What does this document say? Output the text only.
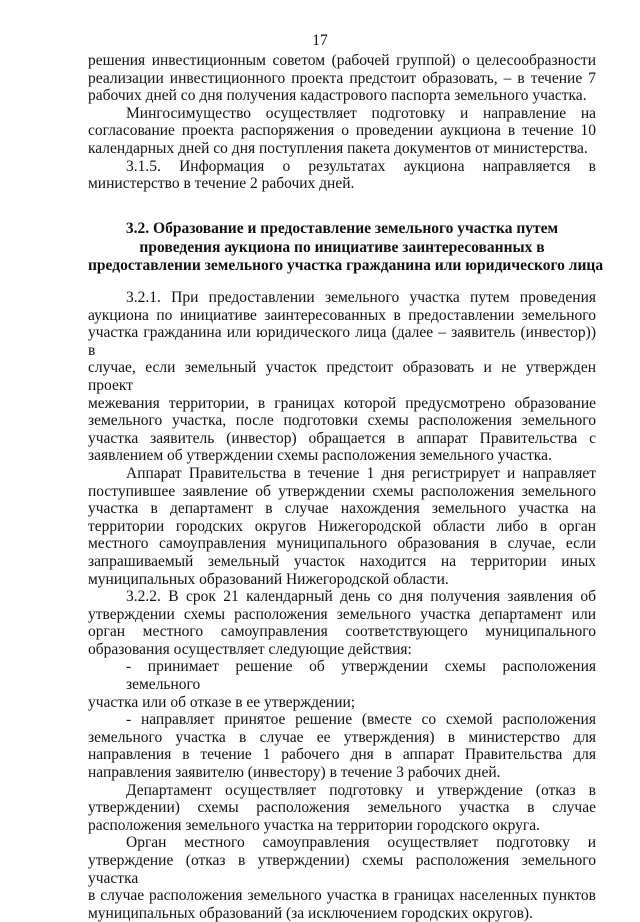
17
решения инвестиционным советом (рабочей группой) о целесообразности
реализации инвестиционного проекта предстоит образовать, – в течение 7
рабочих дней со дня получения кадастрового паспорта земельного участка.
Мингосимущество осуществляет подготовку и направление на
согласование проекта распоряжения о проведении аукциона в течение 10
календарных дней со дня поступления пакета документов от министерства.
3.1.5. Информация о результатах аукциона направляется в
министерство в течение 2 рабочих дней.
3.2. Образование и предоставление земельного участка путем
проведения аукциона по инициативе заинтересованных в
предоставлении земельного участка гражданина или юридического лица
3.2.1. При предоставлении земельного участка путем проведения
аукциона по инициативе заинтересованных в предоставлении земельного
участка гражданина или юридического лица (далее – заявитель (инвестор)) в
случае, если земельный участок предстоит образовать и не утвержден проект
межевания территории, в границах которой предусмотрено образование
земельного участка, после подготовки схемы расположения земельного
участка заявитель (инвестор) обращается в аппарат Правительства с
заявлением об утверждении схемы расположения земельного участка.
Аппарат Правительства в течение 1 дня регистрирует и направляет
поступившее заявление об утверждении схемы расположения земельного
участка в департамент в случае нахождения земельного участка на
территории городских округов Нижегородской области либо в орган
местного самоуправления муниципального образования в случае, если
запрашиваемый земельный участок находится на территории иных
муниципальных образований Нижегородской области.
3.2.2. В срок 21 календарный день со дня получения заявления об
утверждении схемы расположения земельного участка департамент или
орган местного самоуправления соответствующего муниципального
образования осуществляет следующие действия:
- принимает решение об утверждении схемы расположения земельного
участка или об отказе в ее утверждении;
- направляет принятое решение (вместе со схемой расположения
земельного участка в случае ее утверждения) в министерство для
направления в течение 1 рабочего дня в аппарат Правительства для
направления заявителю (инвестору) в течение 3 рабочих дней.
Департамент осуществляет подготовку и утверждение (отказ в
утверждении) схемы расположения земельного участка в случае
расположения земельного участка на территории городского округа.
Орган местного самоуправления осуществляет подготовку и
утверждение (отказ в утверждении) схемы расположения земельного участка
в случае расположения земельного участка в границах населенных пунктов
муниципальных образований (за исключением городских округов).
